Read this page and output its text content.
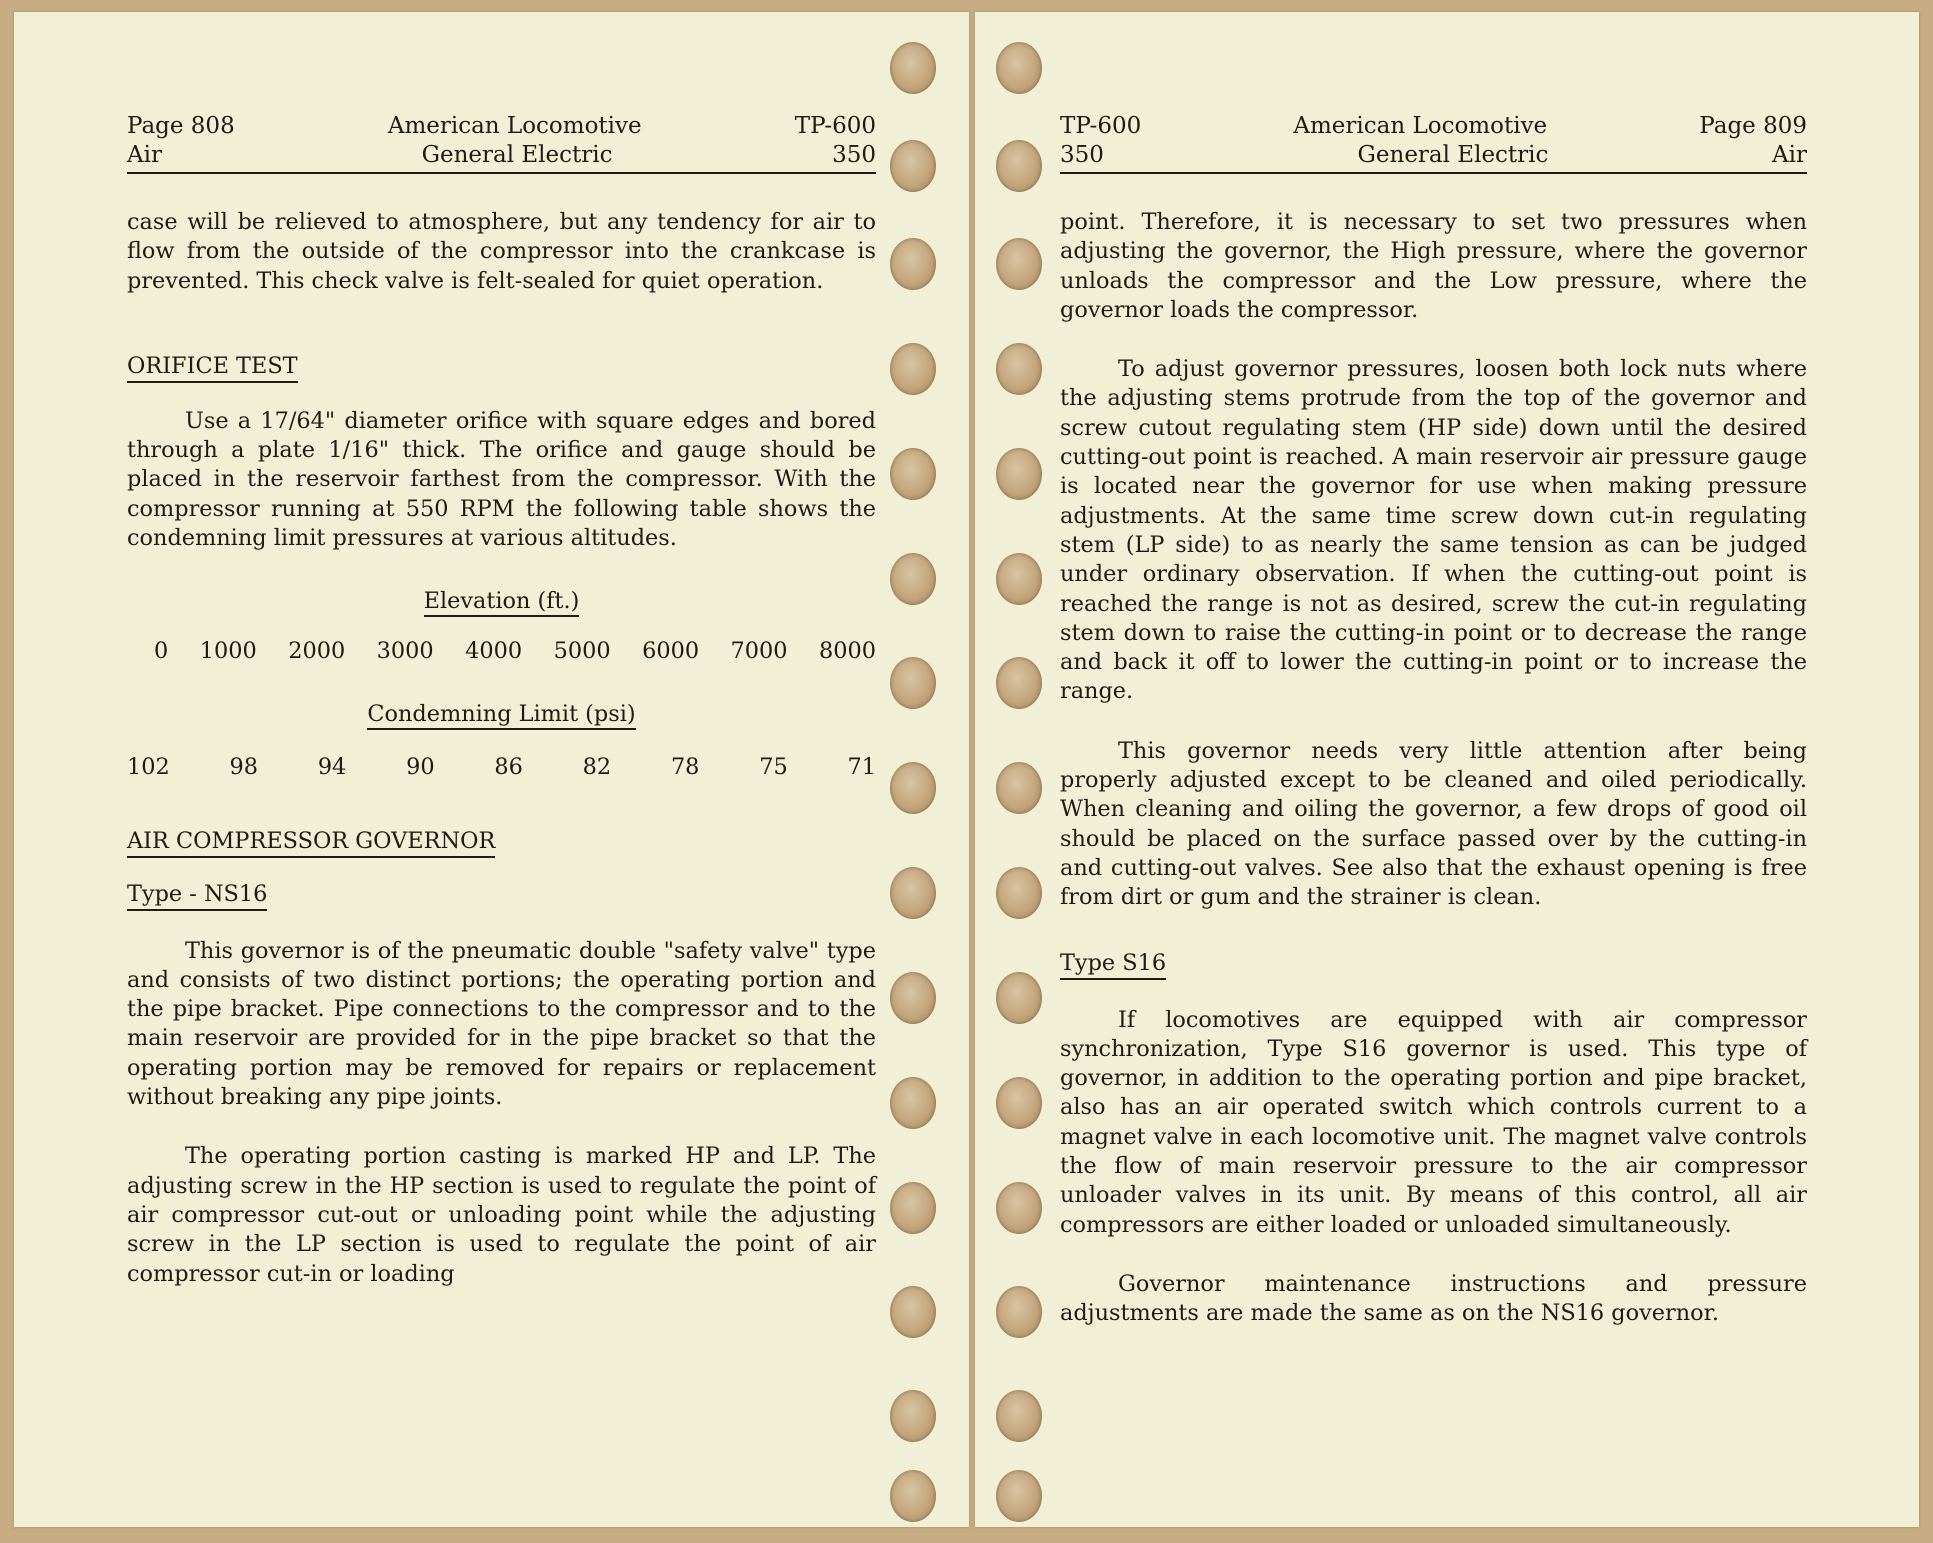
Page 808	American Locomotive	TP-600
Air	General Electric	350

case will be relieved to atmosphere, but any tendency for air to flow from the outside of the compressor into the crankcase is prevented. This check valve is felt-sealed for quiet operation.

ORIFICE TEST

Use a 17/64" diameter orifice with square edges and bored through a plate 1/16" thick. The orifice and gauge should be placed in the reservoir farthest from the compressor. With the compressor running at 550 RPM the following table shows the condemning limit pressures at various altitudes.

Elevation (ft.)
0 1000 2000 3000 4000 5000 6000 7000 8000
Condemning Limit (psi)
102	98	94	90	86	82	78	75	71
AIR COMPRESSOR GOVERNOR
Type - NS16

This governor is of the pneumatic double "safety valve" type and consists of two distinct portions; the operating portion and the pipe bracket. Pipe connections to the compressor and to the main reservoir are provided for in the pipe bracket so that the operating portion may be removed for repairs or replacement without breaking any pipe joints.

The operating portion casting is marked HP and LP. The adjusting screw in the HP section is used to regulate the point of air compressor cut-out or unloading point while the adjusting screw in the LP section is used to regulate the point of air compressor cut-in or loading

TP-600	American Locomotive	Page 809
350	General Electric	Air

point. Therefore, it is necessary to set two pressures when adjusting the governor, the High pressure, where the governor unloads the compressor and the Low pressure, where the governor loads the compressor.

To adjust governor pressures, loosen both lock nuts where the adjusting stems protrude from the top of the governor and screw cutout regulating stem (HP side) down until the desired cutting-out point is reached. A main reservoir air pressure gauge is located near the governor for use when making pressure adjustments. At the same time screw down cut-in regulating stem (LP side) to as nearly the same tension as can be judged under ordinary observation. If when the cutting-out point is reached the range is not as desired, screw the cut-in regulating stem down to raise the cutting-in point or to decrease the range and back it off to lower the cutting-in point or to increase the range.

This governor needs very little attention after being properly adjusted except to be cleaned and oiled periodically. When cleaning and oiling the governor, a few drops of good oil should be placed on the surface passed over by the cutting-in and cutting-out valves. See also that the exhaust opening is free from dirt or gum and the strainer is clean.

Type S16

If locomotives are equipped with air compressor synchronization, Type S16 governor is used. This type of governor, in addition to the operating portion and pipe bracket, also has an air operated switch which controls current to a magnet valve in each locomotive unit. The magnet valve controls the flow of main reservoir pressure to the air compressor unloader valves in its unit. By means of this control, all air compressors are either loaded or unloaded simultaneously.

Governor maintenance instructions and pressure adjustments are made the same as on the NS16 governor.
